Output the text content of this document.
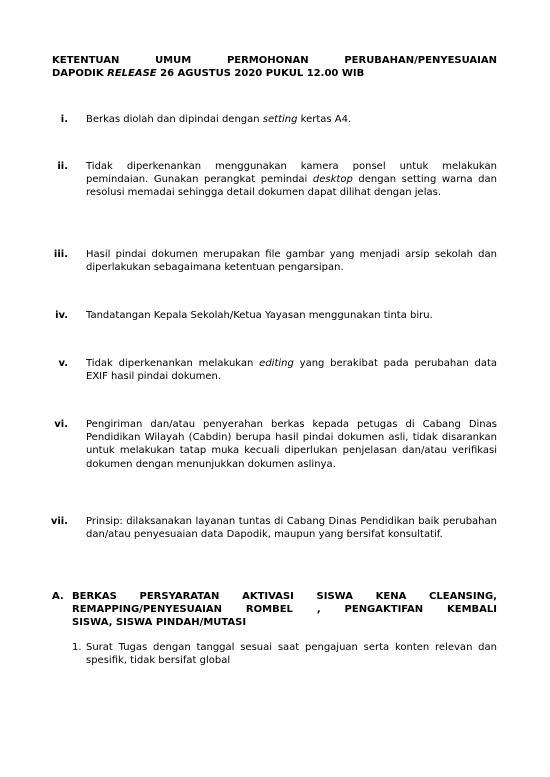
KETENTUAN	UMUM	PERMOHONAN	PERUBAHAN/PENYESUAIAN
DAPODIK RELEASE 26 AGUSTUS 2020 PUKUL 12.00 WIB
i. Berkas diolah dan dipindai dengan setting kertas A4.
ii. Tidak diperkenankan menggunakan kamera ponsel untuk melakukan pemindaian. Gunakan perangkat pemindai desktop dengan setting warna dan resolusi memadai sehingga detail dokumen dapat dilihat dengan jelas.
iii. Hasil pindai dokumen merupakan file gambar yang menjadi arsip sekolah dan diperlakukan sebagaimana ketentuan pengarsipan.
iv. Tandatangan Kepala Sekolah/Ketua Yayasan menggunakan tinta biru.
v. Tidak diperkenankan melakukan editing yang berakibat pada perubahan data EXIF hasil pindai dokumen.
vi. Pengiriman dan/atau penyerahan berkas kepada petugas di Cabang Dinas Pendidikan Wilayah (Cabdin) berupa hasil pindai dokumen asli, tidak disarankan untuk melakukan tatap muka kecuali diperlukan penjelasan dan/atau verifikasi dokumen dengan menunjukkan dokumen aslinya.
vii. Prinsip: dilaksanakan layanan tuntas di Cabang Dinas Pendidikan baik perubahan dan/atau penyesuaian data Dapodik, maupun yang bersifat konsultatif.
A. BERKAS PERSYARATAN AKTIVASI SISWA KENA CLEANSING,
REMAPPING/PENYESUAIAN ROMBEL , PENGAKTIFAN KEMBALI
SISWA, SISWA PINDAH/MUTASI
1. Surat Tugas dengan tanggal sesuai saat pengajuan serta konten relevan dan spesifik, tidak bersifat global
